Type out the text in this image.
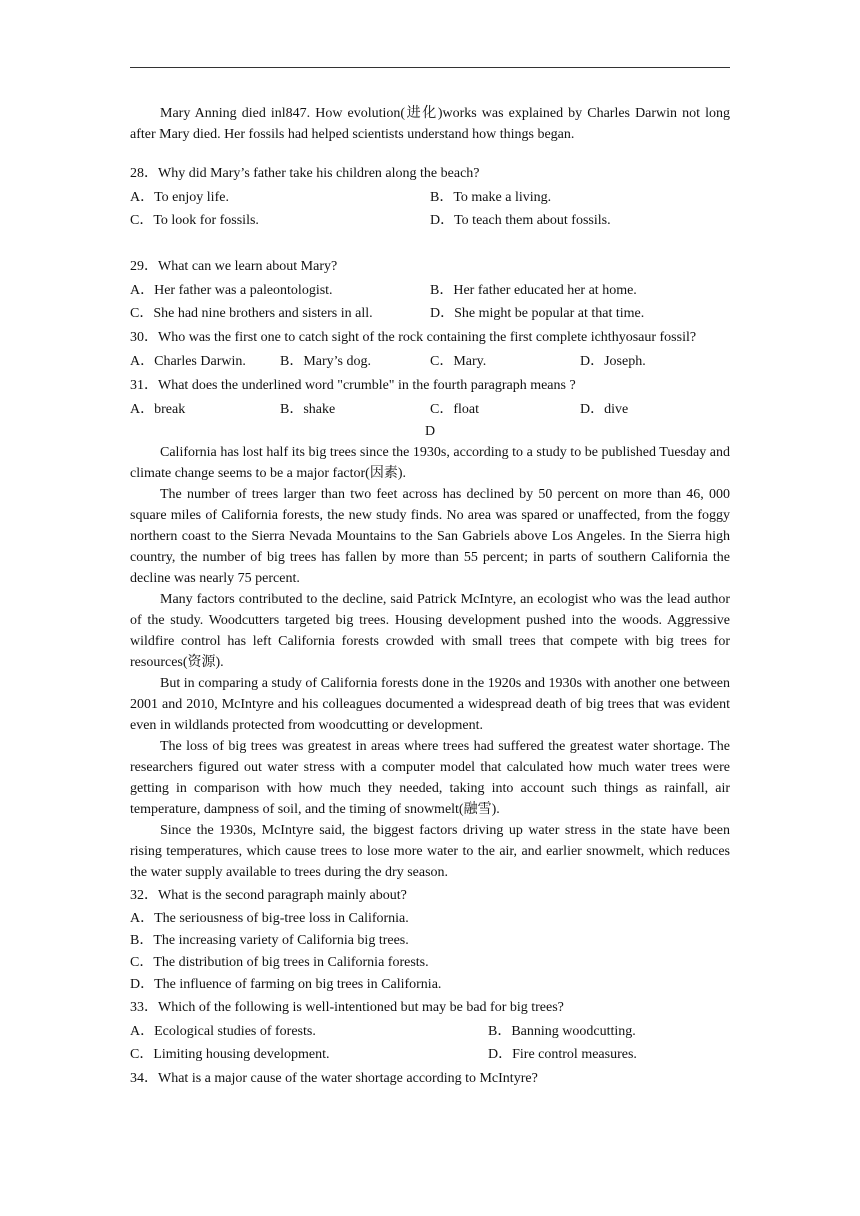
Mary Anning died inl847. How evolution(进化)works was explained by Charles Darwin not long after Mary died. Her fossils had helped scientists understand how things began.

28．Why did Mary’s father take his children along the beach?

A．To enjoy life.	B．To make a living.

C．To look for fossils.	D．To teach them about fossils.

29．What can we learn about Mary?

A．Her father was a paleontologist.	B．Her father educated her at home.

C．She had nine brothers and sisters in all.	D．She might be popular at that time.

30．Who was the first one to catch sight of the rock containing the first complete ichthyosaur fossil?

A．Charles Darwin.	B．Mary’s dog.	C．Mary.	D．Joseph.

31．What does the underlined word "crumble" in the fourth paragraph means ?

A．break	B．shake	C．float	D．dive

D

California has lost half its big trees since the 1930s, according to a study to be published Tuesday and climate change seems to be a major factor(因素).

The number of trees larger than two feet across has declined by 50 percent on more than 46, 000 square miles of California forests, the new study finds. No area was spared or unaffected, from the foggy northern coast to the Sierra Nevada Mountains to the San Gabriels above Los Angeles. In the Sierra high country, the number of big trees has fallen by more than 55 percent; in parts of southern California the decline was nearly 75 percent.

Many factors contributed to the decline, said Patrick McIntyre, an ecologist who was the lead author of the study. Woodcutters targeted big trees. Housing development pushed into the woods. Aggressive wildfire control has left California forests crowded with small trees that compete with big trees for resources(资源).

But in comparing a study of California forests done in the 1920s and 1930s with another one between 2001 and 2010, McIntyre and his colleagues documented a widespread death of big trees that was evident even in wildlands protected from woodcutting or development.

The loss of big trees was greatest in areas where trees had suffered the greatest water shortage. The researchers figured out water stress with a computer model that calculated how much water trees were getting in comparison with how much they needed, taking into account such things as rainfall, air temperature, dampness of soil, and the timing of snowmelt(融雪).

Since the 1930s, McIntyre said, the biggest factors driving up water stress in the state have been rising temperatures, which cause trees to lose more water to the air, and earlier snowmelt, which reduces the water supply available to trees during the dry season.

32．What is the second paragraph mainly about?

A．The seriousness of big-tree loss in California.

B．The increasing variety of California big trees.

C．The distribution of big trees in California forests.

D．The influence of farming on big trees in California.

33．Which of the following is well-intentioned but may be bad for big trees?

A．Ecological studies of forests.	B．Banning woodcutting.

C．Limiting housing development.	D．Fire control measures.

34．What is a major cause of the water shortage according to McIntyre?
